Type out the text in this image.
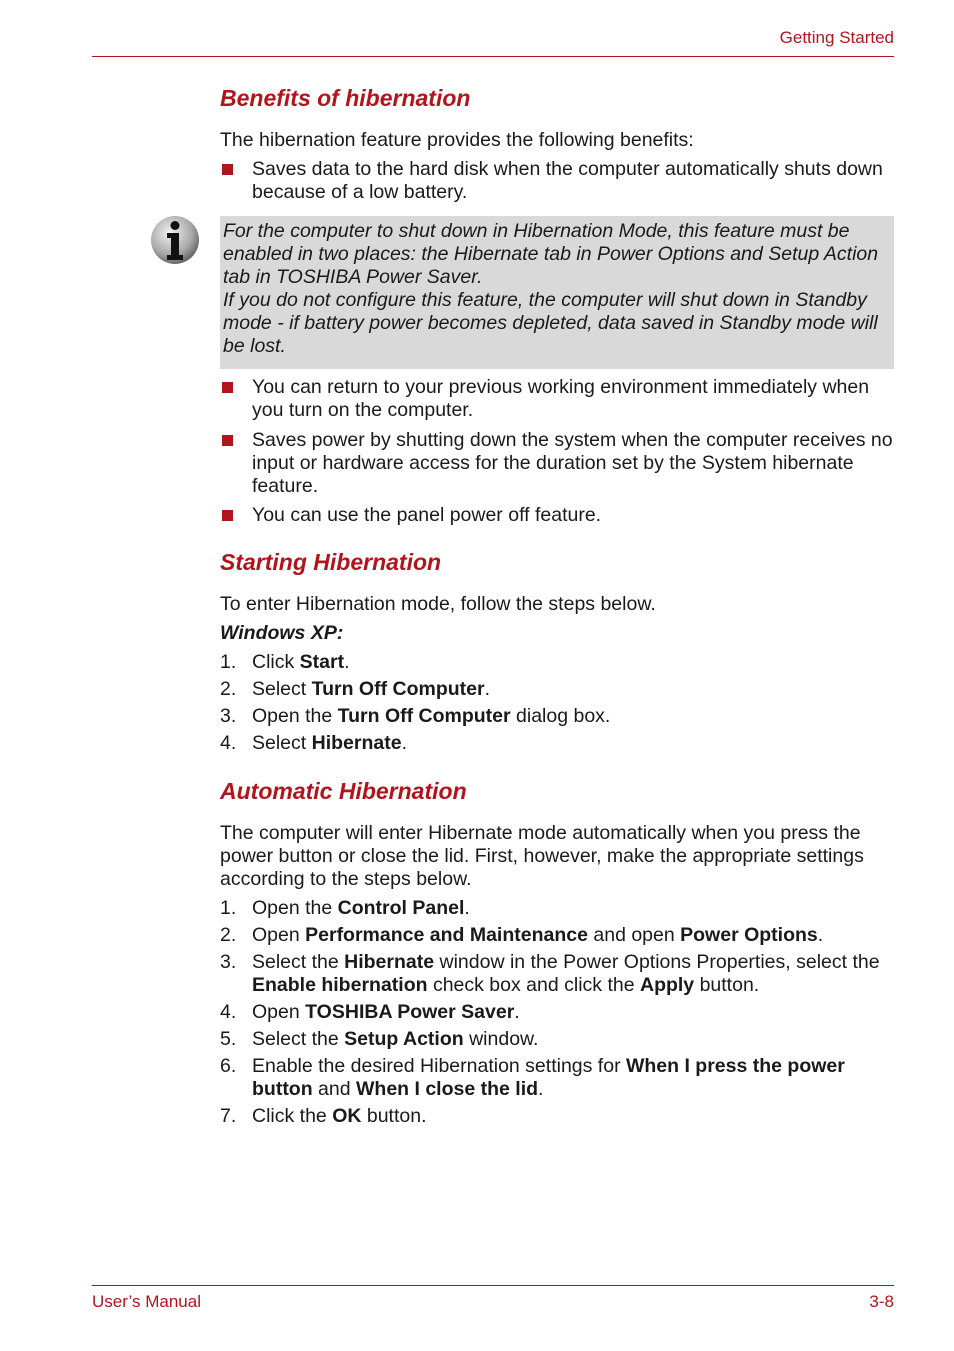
Getting Started
Benefits of hibernation

The hibernation feature provides the following benefits:

Saves data to the hard disk when the computer automatically shuts down because of a low battery.

For the computer to shut down in Hibernation Mode, this feature must be enabled in two places: the Hibernate tab in Power Options and Setup Action tab in TOSHIBA Power Saver.

If you do not configure this feature, the computer will shut down in Standby mode - if battery power becomes depleted, data saved in Standby mode will be lost.

You can return to your previous working environment immediately when you turn on the computer.
Saves power by shutting down the system when the computer receives no input or hardware access for the duration set by the System hibernate feature.
You can use the panel power off feature.
Starting Hibernation

To enter Hibernation mode, follow the steps below.

Windows XP:

1. Click Start.
2. Select Turn Off Computer.
3. Open the Turn Off Computer dialog box.
4. Select Hibernate.
Automatic Hibernation

The computer will enter Hibernate mode automatically when you press the power button or close the lid. First, however, make the appropriate settings according to the steps below.

1. Open the Control Panel.
2. Open Performance and Maintenance and open Power Options.
3. Select the Hibernate window in the Power Options Properties, select the Enable hibernation check box and click the Apply button.
4. Open TOSHIBA Power Saver.
5. Select the Setup Action window.
6. Enable the desired Hibernation settings for When I press the power button and When I close the lid.
7. Click the OK button.
User’s Manual	3-8
